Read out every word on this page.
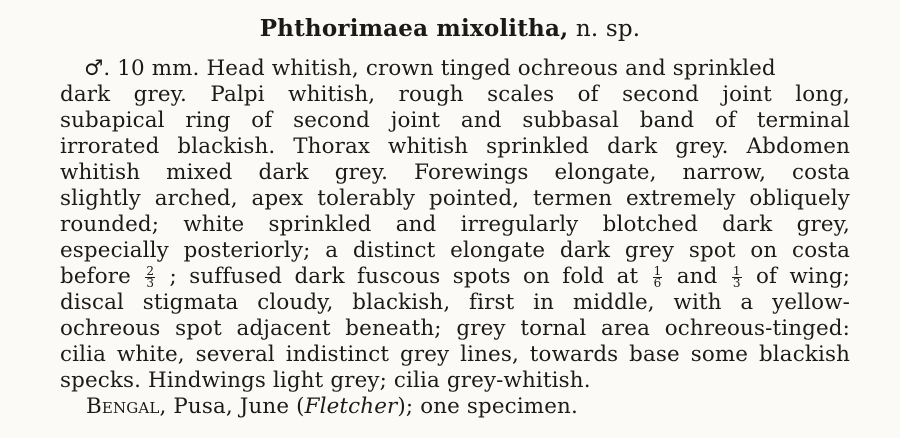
Phthorimaea mixolitha, n. sp.
♂. 10 mm. Head whitish, crown tinged ochreous and sprinkled
dark grey. Palpi whitish, rough scales of second joint long,
subapical ring of second joint and subbasal band of terminal
irrorated blackish. Thorax whitish sprinkled dark grey. Abdomen
whitish mixed dark grey. Forewings elongate, narrow, costa
slightly arched, apex tolerably pointed, termen extremely obliquely
rounded; white sprinkled and irregularly blotched dark grey,
especially posteriorly; a distinct elongate dark grey spot on costa
before $\frac{2}{3}$ ; suffused dark fuscous spots on fold at $\frac{1}{6}$ and $\frac{1}{3}$ of wing;
discal stigmata cloudy, blackish, first in middle, with a yellow-
ochreous spot adjacent beneath; grey tornal area ochreous-tinged:
cilia white, several indistinct grey lines, towards base some blackish
specks. Hindwings light grey; cilia grey-whitish.
Bengal, Pusa, June (Fletcher); one specimen.
